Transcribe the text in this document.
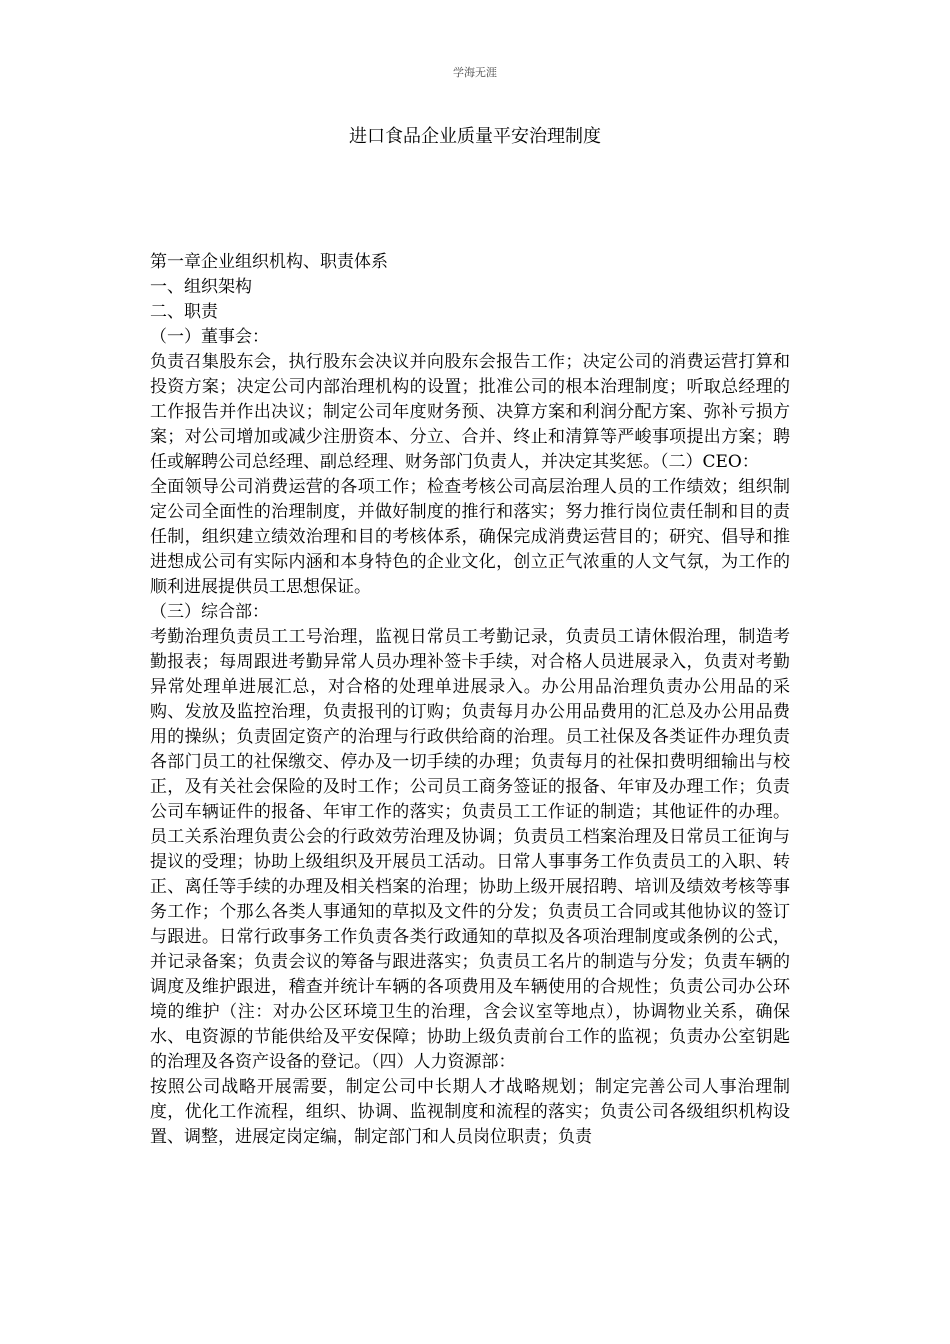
学海无涯
进口食品企业质量平安治理制度

第一章企业组织机构、职责体系

一、组织架构

二、职责

（一）董事会：

负责召集股东会，执行股东会决议并向股东会报告工作；决定公司的消费运营打算和投资方案；决定公司内部治理机构的设置；批准公司的根本治理制度；听取总经理的工作报告并作出决议；制定公司年度财务预、决算方案和利润分配方案、弥补亏损方案；对公司增加或减少注册资本、分立、合并、终止和清算等严峻事项提出方案；聘任或解聘公司总经理、副总经理、财务部门负责人，并决定其奖惩。（二）CEO：

全面领导公司消费运营的各项工作；检查考核公司高层治理人员的工作绩效；组织制定公司全面性的治理制度，并做好制度的推行和落实；努力推行岗位责任制和目的责任制，组织建立绩效治理和目的考核体系，确保完成消费运营目的；研究、倡导和推进想成公司有实际内涵和本身特色的企业文化，创立正气浓重的人文气氛，为工作的顺利进展提供员工思想保证。

（三）综合部：

考勤治理负责员工工号治理，监视日常员工考勤记录，负责员工请休假治理，制造考勤报表；每周跟进考勤异常人员办理补签卡手续，对合格人员进展录入，负责对考勤异常处理单进展汇总，对合格的处理单进展录入。办公用品治理负责办公用品的采购、发放及监控治理，负责报刊的订购；负责每月办公用品费用的汇总及办公用品费用的操纵；负责固定资产的治理与行政供给商的治理。员工社保及各类证件办理负责各部门员工的社保缴交、停办及一切手续的办理；负责每月的社保扣费明细输出与校正，及有关社会保险的及时工作；公司员工商务签证的报备、年审及办理工作；负责公司车辆证件的报备、年审工作的落实；负责员工工作证的制造；其他证件的办理。员工关系治理负责公会的行政效劳治理及协调；负责员工档案治理及日常员工征询与提议的受理；协助上级组织及开展员工活动。日常人事事务工作负责员工的入职、转正、离任等手续的办理及相关档案的治理；协助上级开展招聘、培训及绩效考核等事务工作；个那么各类人事通知的草拟及文件的分发；负责员工合同或其他协议的签订与跟进。日常行政事务工作负责各类行政通知的草拟及各项治理制度或条例的公式，并记录备案；负责会议的筹备与跟进落实；负责员工名片的制造与分发；负责车辆的调度及维护跟进，稽查并统计车辆的各项费用及车辆使用的合规性；负责公司办公环境的维护（注：对办公区环境卫生的治理，含会议室等地点），协调物业关系，确保水、电资源的节能供给及平安保障；协助上级负责前台工作的监视；负责办公室钥匙的治理及各资产设备的登记。（四）人力资源部：

按照公司战略开展需要，制定公司中长期人才战略规划；制定完善公司人事治理制度，优化工作流程，组织、协调、监视制度和流程的落实；负责公司各级组织机构设置、调整，进展定岗定编，制定部门和人员岗位职责；负责
